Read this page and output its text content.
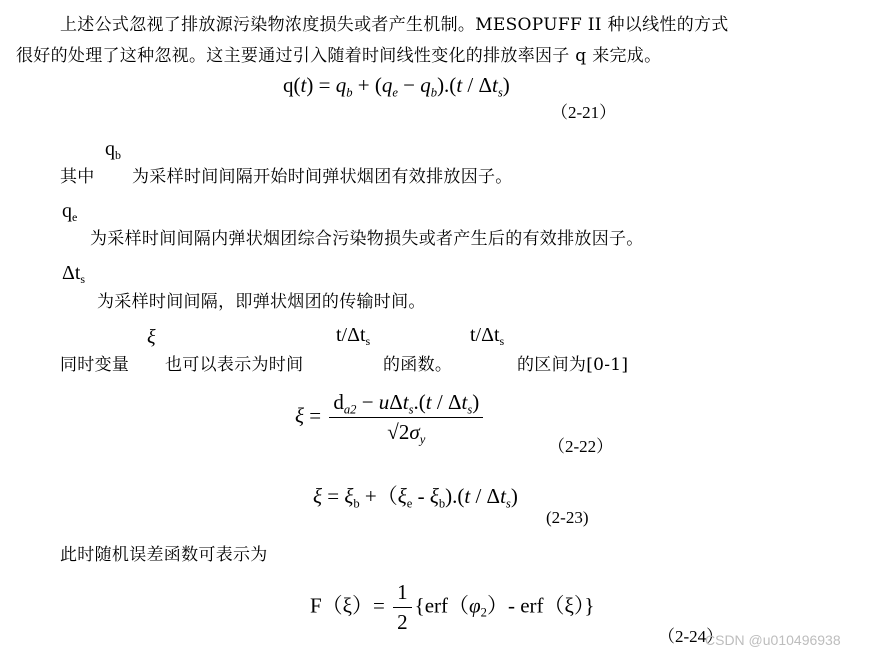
上述公式忽视了排放源污染物浓度损失或者产生机制。MESOPUFF II 种以线性的方式
很好的处理了这种忽视。这主要通过引入随着时间线性变化的排放率因子 q 来完成。
$q(t) = q_b + (q_e - q_b).(t / \Delta t_s)$
（2-21）
其中
$q_b$
为采样时间间隔开始时间弹状烟团有效排放因子。
$q_e$
为采样时间间隔内弹状烟团综合污染物损失或者产生后的有效排放因子。
$\Delta t_s$
为采样时间间隔，即弹状烟团的传输时间。
同时变量
ξ
也可以表示为时间
$t/\Delta t_s$
的函数。
$t/\Delta t_s$
的区间为[0-1]
$\xi = \frac{d_{a2} - u\Delta t_s.(t / \Delta t_s)}{√2\sigma_y}$
（2-22）
$\xi = \xi_b +(\xi_e - \xi_b).(t / \Delta t_s)$
(2-23)
此时随机误差函数可表示为
$F(\xi)= \frac{1}{2} \{erf(\varphi_2)-$ erf（ξ）}
（2-24）
CSDN @u010496938
